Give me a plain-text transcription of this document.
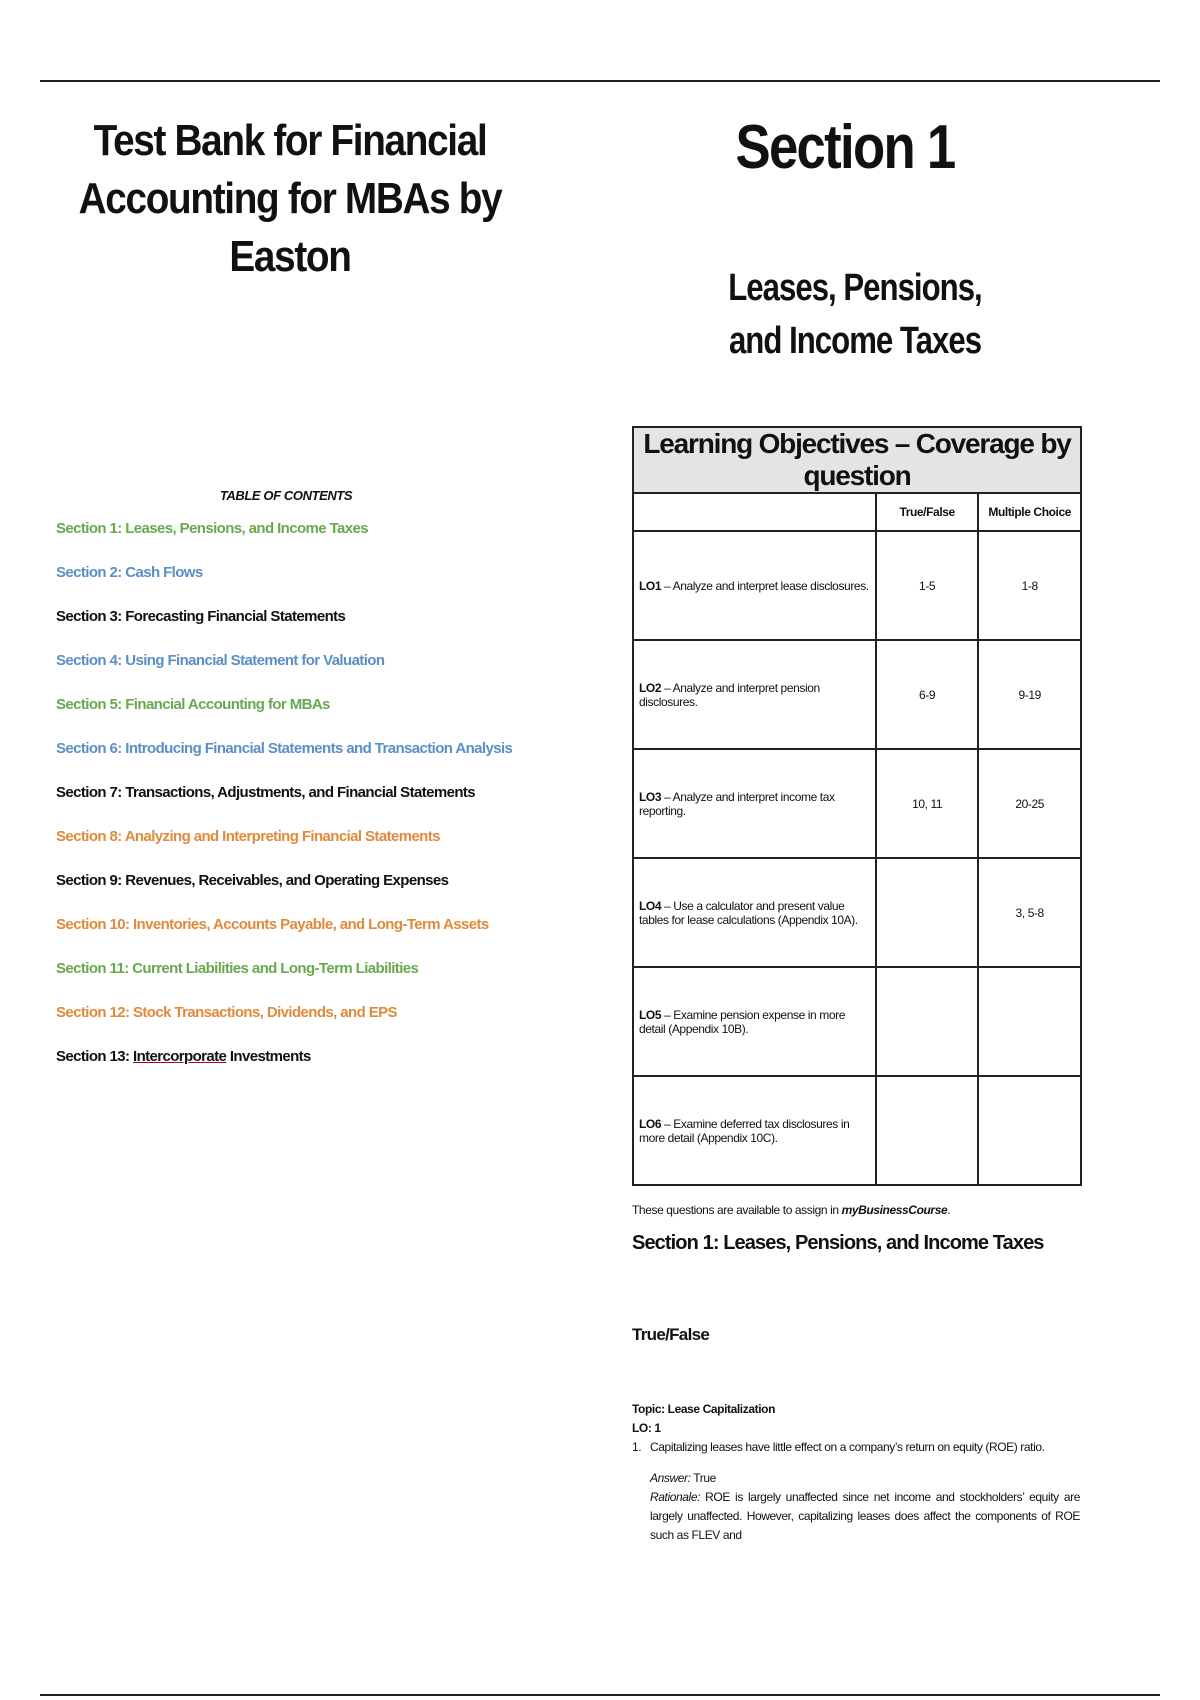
Test Bank for Financial Accounting for MBAs by Easton
TABLE OF CONTENTS
Section 1: Leases, Pensions, and Income Taxes
Section 2: Cash Flows
Section 3: Forecasting Financial Statements
Section 4: Using Financial Statement for Valuation
Section 5: Financial Accounting for MBAs
Section 6: Introducing Financial Statements and Transaction Analysis
Section 7: Transactions, Adjustments, and Financial Statements
Section 8: Analyzing and Interpreting Financial Statements
Section 9: Revenues, Receivables, and Operating Expenses
Section 10: Inventories, Accounts Payable, and Long-Term Assets
Section 11: Current Liabilities and Long-Term Liabilities
Section 12: Stock Transactions, Dividends, and EPS
Section 13: Intercorporate Investments
Section 1
Leases, Pensions,
and Income Taxes
Learning Objectives – Coverage by question		
	True/False	Multiple Choice
LO1 – Analyze and interpret lease disclosures.	1-5	1-8
LO2 – Analyze and interpret pension disclosures.	6-9	9-19
LO3 – Analyze and interpret income tax reporting.	10, 11	20-25
LO4 – Use a calculator and present value tables for lease calculations (Appendix 10A).		3, 5-8
LO5 – Examine pension expense in more detail (Appendix 10B).		
LO6 – Examine deferred tax disclosures in more detail (Appendix 10C).		
These questions are available to assign in myBusinessCourse.
Section 1: Leases, Pensions, and Income Taxes
True/False
Topic: Lease Capitalization
LO: 1
1. Capitalizing leases have little effect on a company’s return on equity (ROE) ratio.
Answer: True
Rationale: ROE is largely unaffected since net income and stockholders’ equity are largely unaffected. However, capitalizing leases does affect the components of ROE such as FLEV and
